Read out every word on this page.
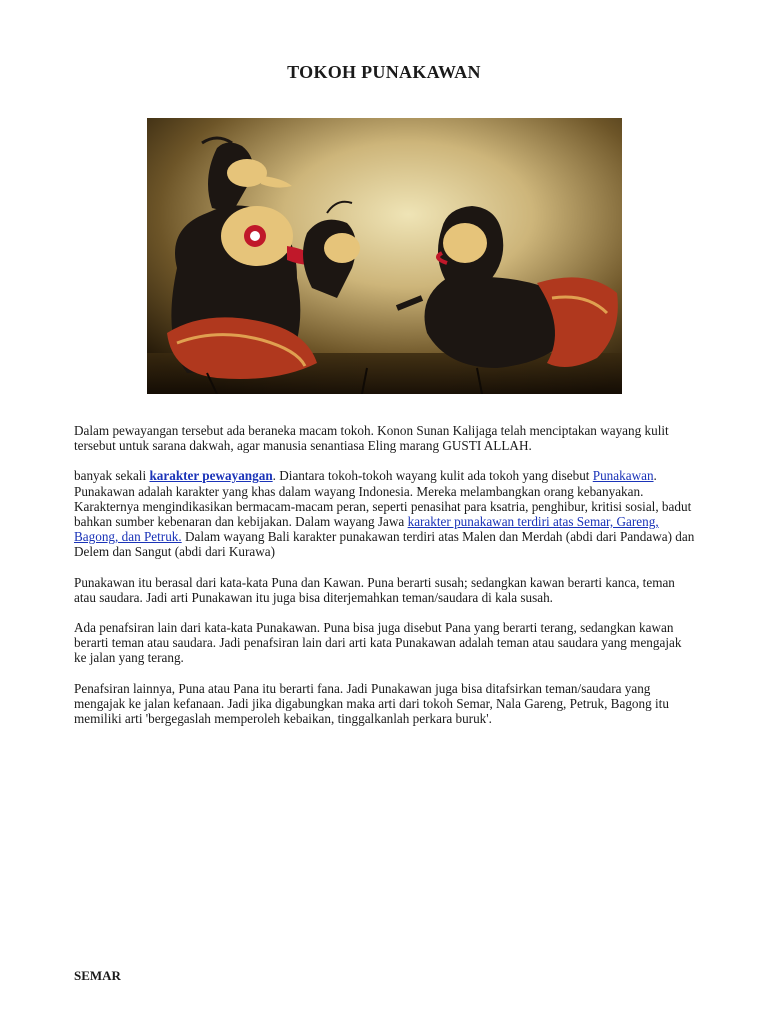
TOKOH PUNAKAWAN

Dalam pewayangan tersebut ada beraneka macam tokoh. Konon Sunan Kalijaga telah menciptakan wayang kulit tersebut untuk sarana dakwah, agar manusia senantiasa Eling marang GUSTI ALLAH.

banyak sekali karakter pewayangan. Diantara tokoh-tokoh wayang kulit ada tokoh yang disebut Punakawan. Punakawan adalah karakter yang khas dalam wayang Indonesia. Mereka melambangkan orang kebanyakan. Karakternya mengindikasikan bermacam-macam peran, seperti penasihat para ksatria, penghibur, kritisi sosial, badut bahkan sumber kebenaran dan kebijakan. Dalam wayang Jawa karakter punakawan terdiri atas Semar, Gareng, Bagong, dan Petruk. Dalam wayang Bali karakter punakawan terdiri atas Malen dan Merdah (abdi dari Pandawa) dan Delem dan Sangut (abdi dari Kurawa)

Punakawan itu berasal dari kata-kata Puna dan Kawan. Puna berarti susah; sedangkan kawan berarti kanca, teman atau saudara. Jadi arti Punakawan itu juga bisa diterjemahkan teman/saudara di kala susah.

Ada penafsiran lain dari kata-kata Punakawan. Puna bisa juga disebut Pana yang berarti terang, sedangkan kawan berarti teman atau saudara. Jadi penafsiran lain dari arti kata Punakawan adalah teman atau saudara yang mengajak ke jalan yang terang.

Penafsiran lainnya, Puna atau Pana itu berarti fana. Jadi Punakawan juga bisa ditafsirkan teman/saudara yang mengajak ke jalan kefanaan. Jadi jika digabungkan maka arti dari tokoh Semar, Nala Gareng, Petruk, Bagong itu memiliki arti 'bergegaslah memperoleh kebaikan, tinggalkanlah perkara buruk'.

SEMAR
